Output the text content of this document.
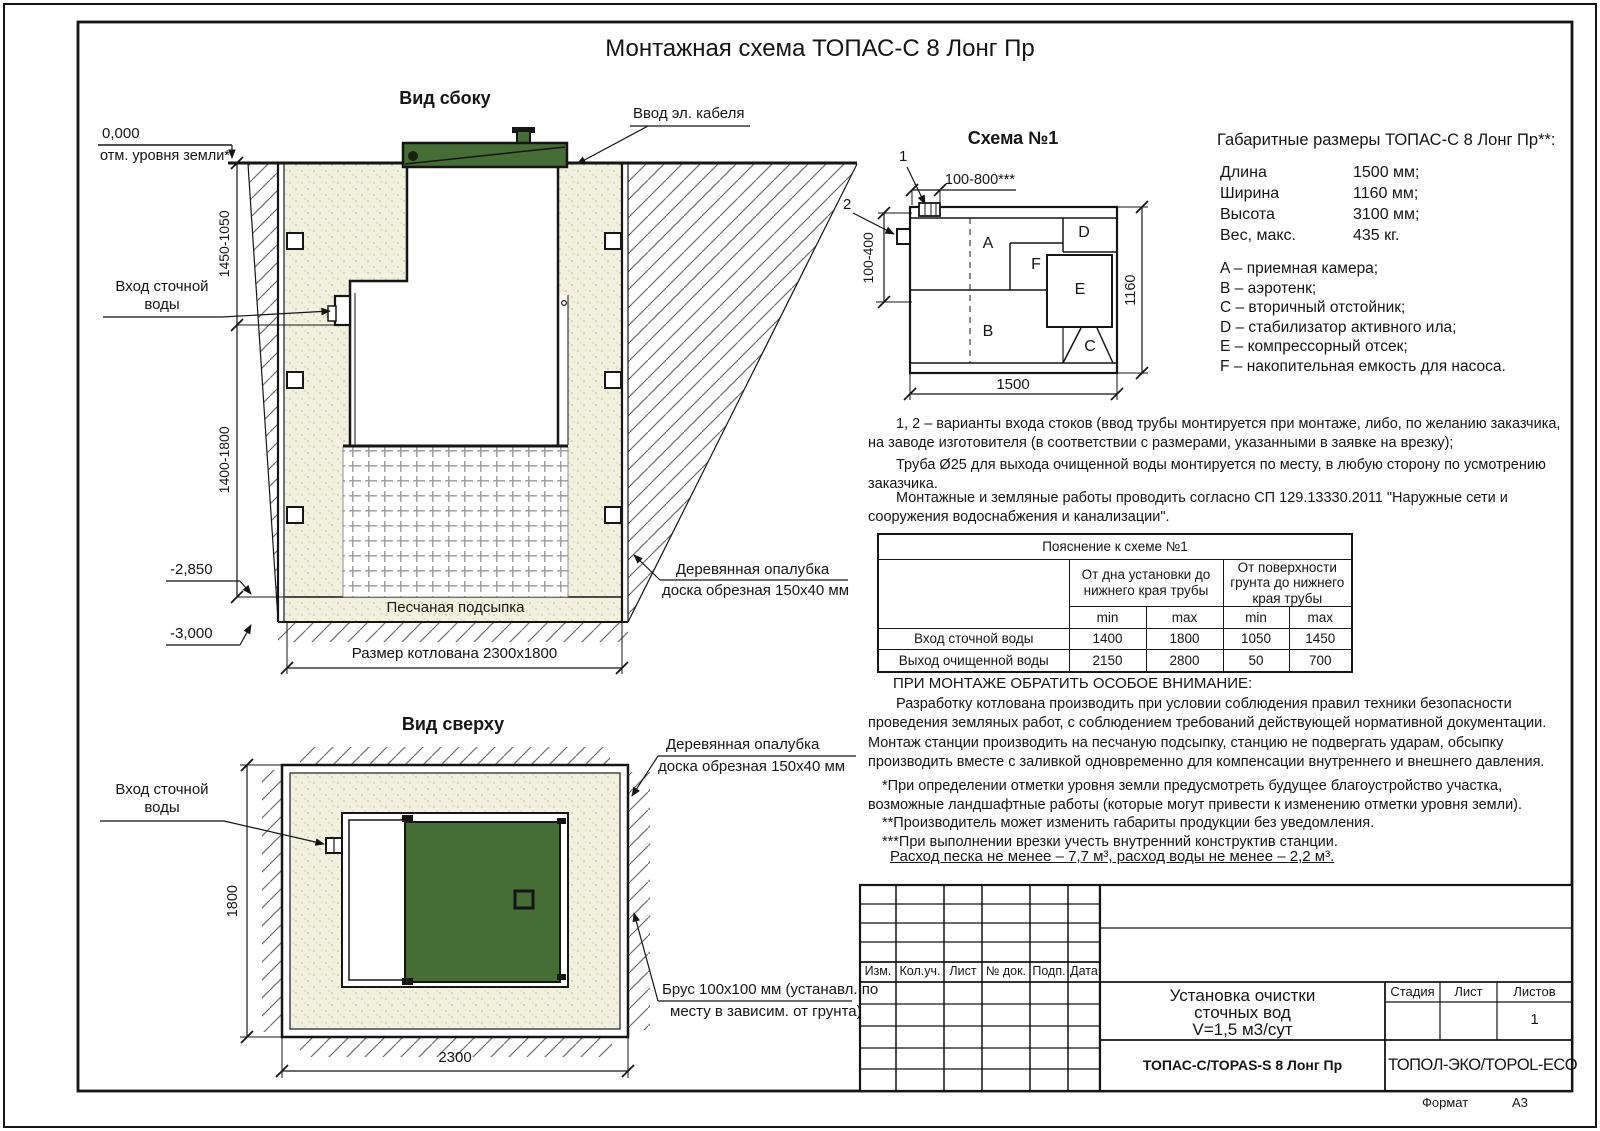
Монтажная схема ТОПАС-С 8 Лонг Пр
Вид сбоку
0,000
отм. уровня земли*
Ввод эл. кабеля
Вход сточной воды
1450-1050
1400-1800
-2,850
-3,000
Песчаная подсыпка
Размер котлована 2300x1800
Деревянная опалубка
доска обрезная 150x40 мм
Вид сверху
Вход сточной воды
1800
2300
Деревянная опалубка
доска обрезная 150x40 мм
Брус 100x100 мм (устанавл. по
месту в зависим. от грунта)
Схема №1
1
2
100-800***
100-400
1160
1500
A
B
C
D
E
F
Габаритные размеры ТОПАС-С 8 Лонг Пр**:
Длина	1500 мм;
Ширина	1160 мм;
Высота	3100 мм;
Вес, макс.	435 кг.
A – приемная камера;
B – аэротенк;
C – вторичный отстойник;
D – стабилизатор активного ила;
E – компрессорный отсек;
F – накопительная емкость для насоса.
1, 2 – варианты входа стоков (ввод трубы монтируется при монтаже, либо, по желанию заказчика, на заводе изготовителя (в соответствии с размерами, указанными в заявке на врезку);
Труба Ø25 для выхода очищенной воды монтируется по месту, в любую сторону по усмотрению заказчика.
Монтажные и земляные работы проводить согласно СП 129.13330.2011 "Наружные сети и сооружения водоснабжения и канализации".
Пояснение к схеме №1				
	От дна установки до нижнего края трубы		От поверхности грунта до нижнего края трубы	
	min	max	min	max
Вход сточной воды	1400	1800	1050	1450
Выход очищенной воды	2150	2800	50	700
ПРИ МОНТАЖЕ ОБРАТИТЬ ОСОБОЕ ВНИМАНИЕ:
Разработку котлована производить при условии соблюдения правил техники безопасности проведения земляных работ, с соблюдением требований действующей нормативной документации. Монтаж станции производить на песчаную подсыпку, станцию не подвергать ударам, обсыпку производить вместе с заливкой одновременно для компенсации внутреннего и внешнего давления.

*При определении отметки уровня земли предусмотреть будущее благоустройство участка, возможные ландшафтные работы (которые могут привести к изменению отметки уровня земли).

**Производитель может изменить габариты продукции без уведомления.

***При выполнении врезки учесть внутренний конструктив станции.

Расход песка не менее – 7,7 м³, расход воды не менее – 2,2 м³.
Изм. Кол.уч. Лист № док. Подп. Дата
Установка очистки
сточных вод
V=1,5 м3/сут
ТОПАС-С/TOPAS-S 8 Лонг Пр
Стадия	Лист	Листов
1
ТОПОЛ-ЭКО/TOPOL-ECO
Формат	А3
